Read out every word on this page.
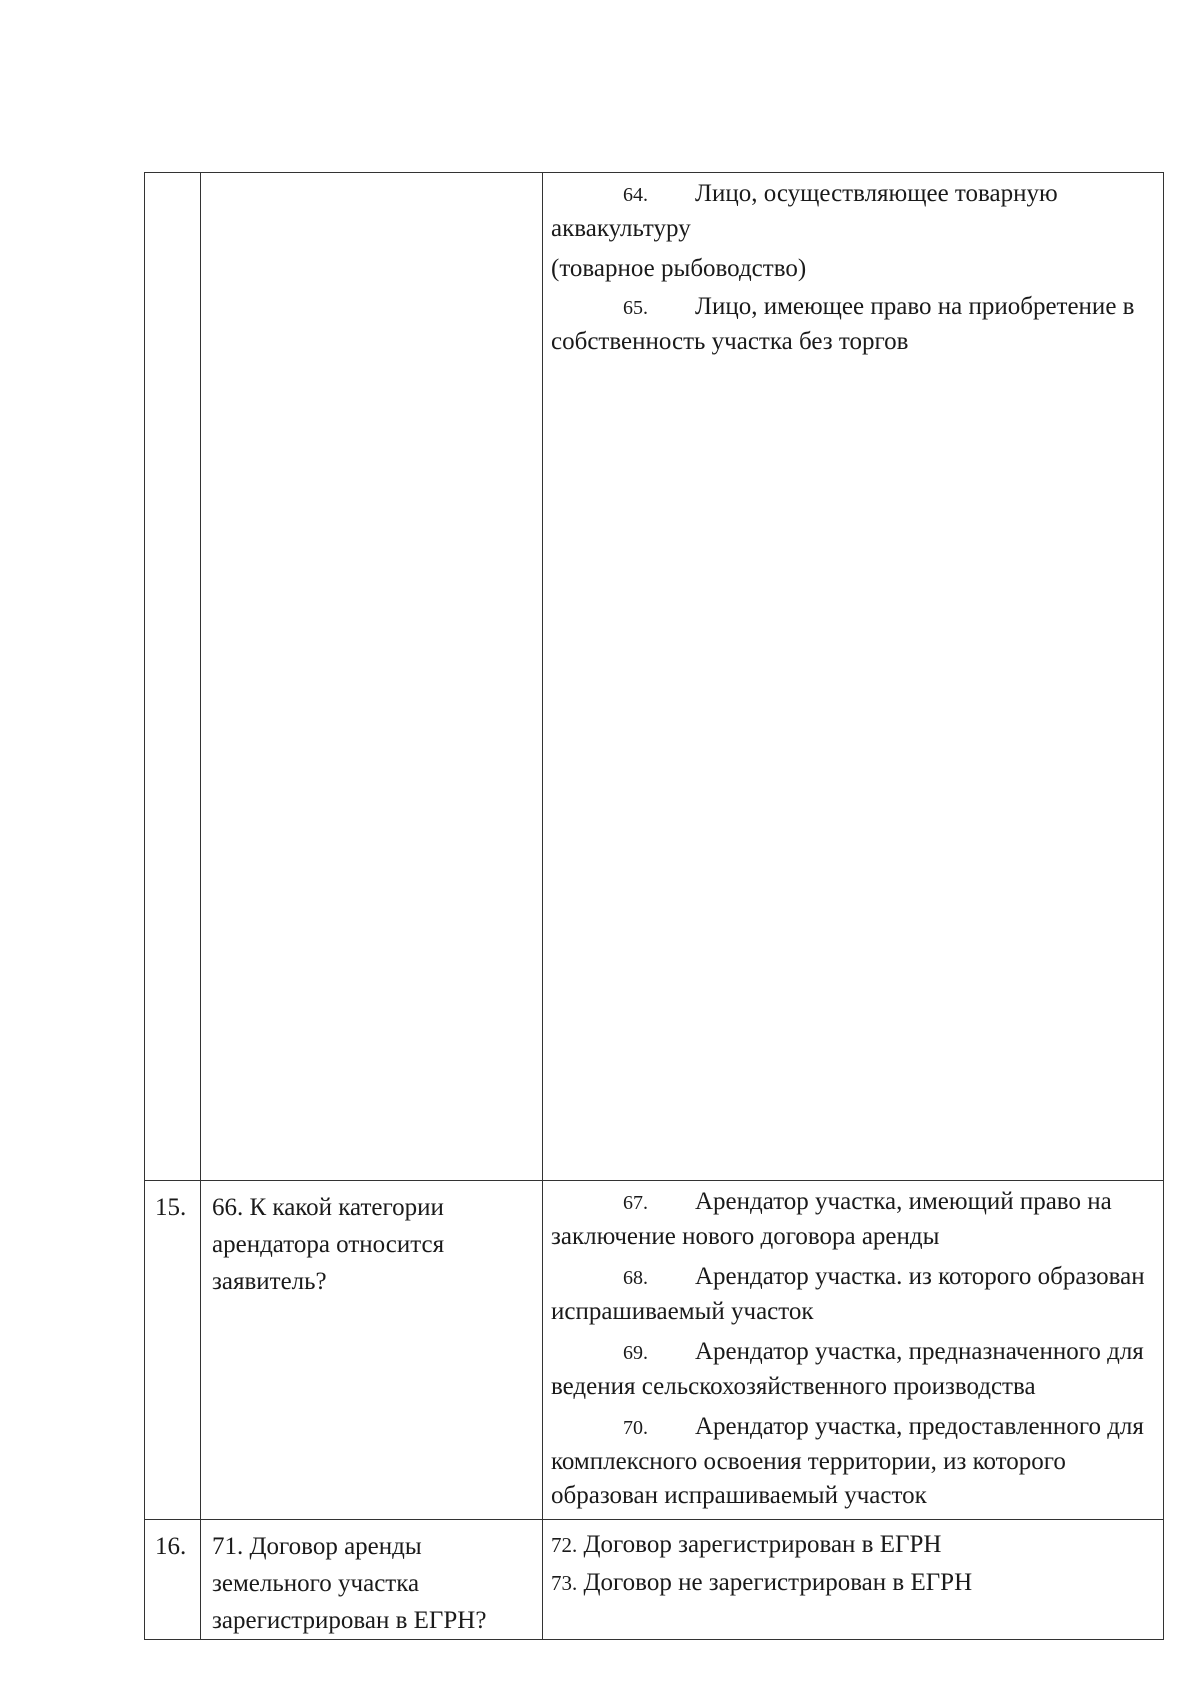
		64. Лицо, осуществляющее товарную аквакультуру
(товарное рыбоводство)
65. Лицо, имеющее право на приобретение в собственность участка без торгов

15.	66. К какой категории арендатора относится заявитель?	67. Арендатор участка, имеющий право на заключение нового договора аренды
68. Арендатор участка. из которого образован испрашиваемый участок
69. Арендатор участка, предназначенного для ведения сельскохозяйственного производства
70. Арендатор участка, предоставленного для комплексного освоения территории, из которого образован испрашиваемый участок

16.	71. Договор аренды земельного участка зарегистрирован в ЕГРН?	72. Договор зарегистрирован в ЕГРН
73. Договор не зарегистрирован в ЕГРН
